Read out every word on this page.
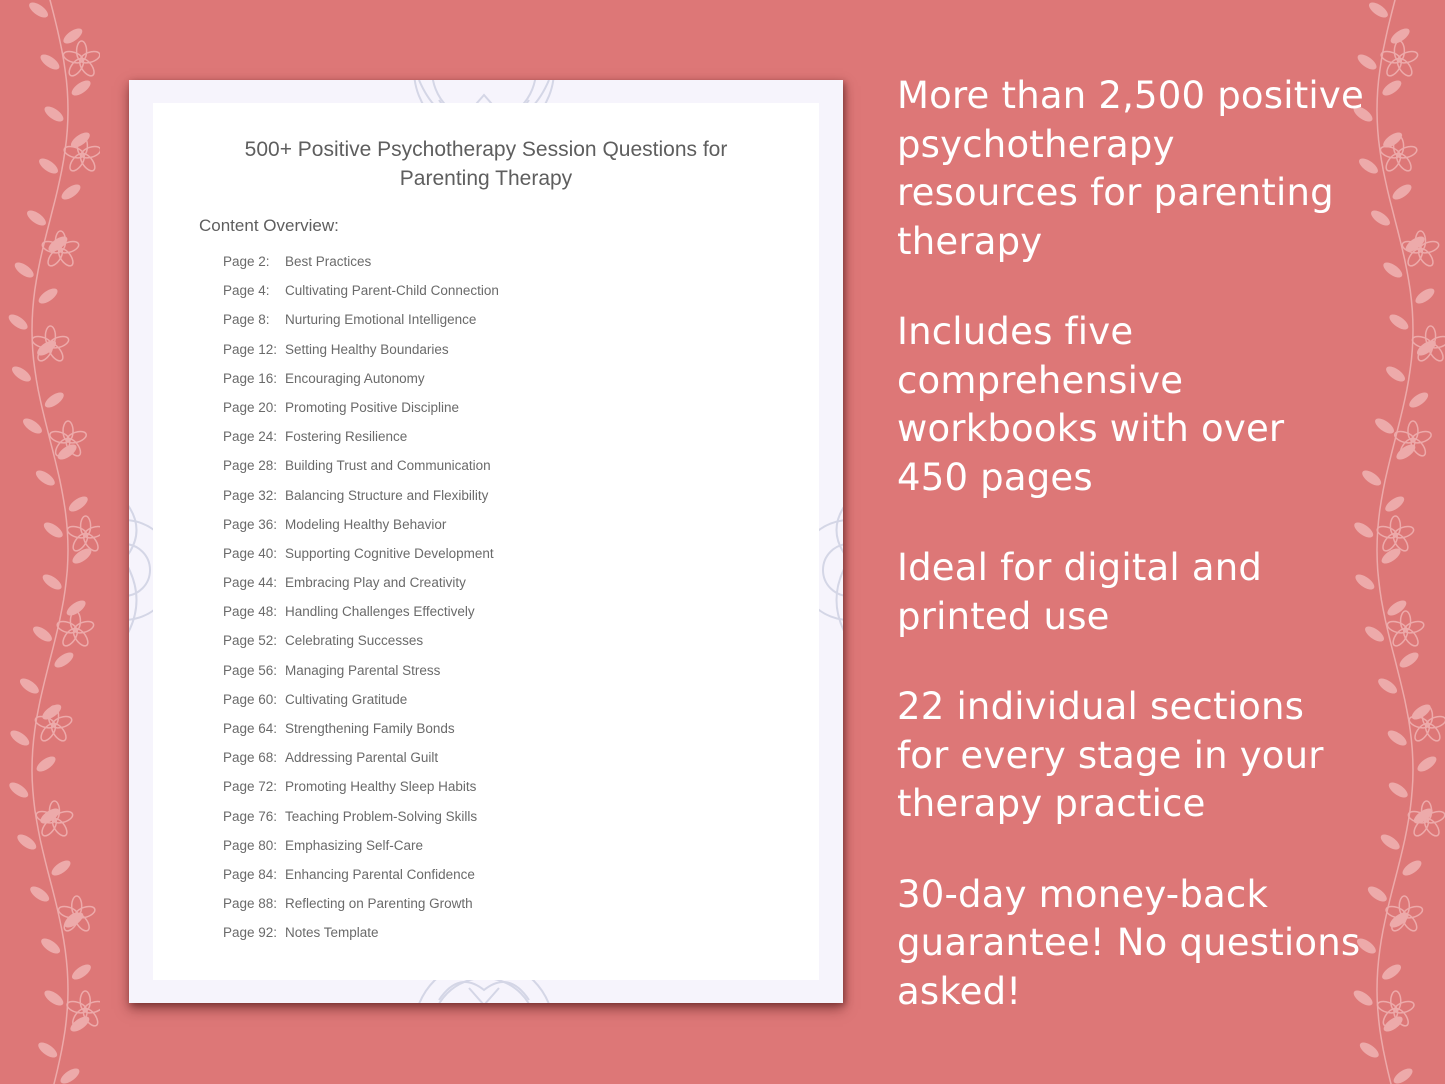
500+ Positive Psychotherapy Session Questions for
Parenting Therapy
Content Overview:
Page 2: Best Practices
Page 4: Cultivating Parent-Child Connection
Page 8: Nurturing Emotional Intelligence
Page 12: Setting Healthy Boundaries
Page 16: Encouraging Autonomy
Page 20: Promoting Positive Discipline
Page 24: Fostering Resilience
Page 28: Building Trust and Communication
Page 32: Balancing Structure and Flexibility
Page 36: Modeling Healthy Behavior
Page 40: Supporting Cognitive Development
Page 44: Embracing Play and Creativity
Page 48: Handling Challenges Effectively
Page 52: Celebrating Successes
Page 56: Managing Parental Stress
Page 60: Cultivating Gratitude
Page 64: Strengthening Family Bonds
Page 68: Addressing Parental Guilt
Page 72: Promoting Healthy Sleep Habits
Page 76: Teaching Problem-Solving Skills
Page 80: Emphasizing Self-Care
Page 84: Enhancing Parental Confidence
Page 88: Reflecting on Parenting Growth
Page 92: Notes Template

More than 2,500 positive psychotherapy resources for parenting therapy

Includes five comprehensive workbooks with over 450 pages

Ideal for digital and printed use

22 individual sections for every stage in your therapy practice

30-day money-back guarantee! No questions asked!
